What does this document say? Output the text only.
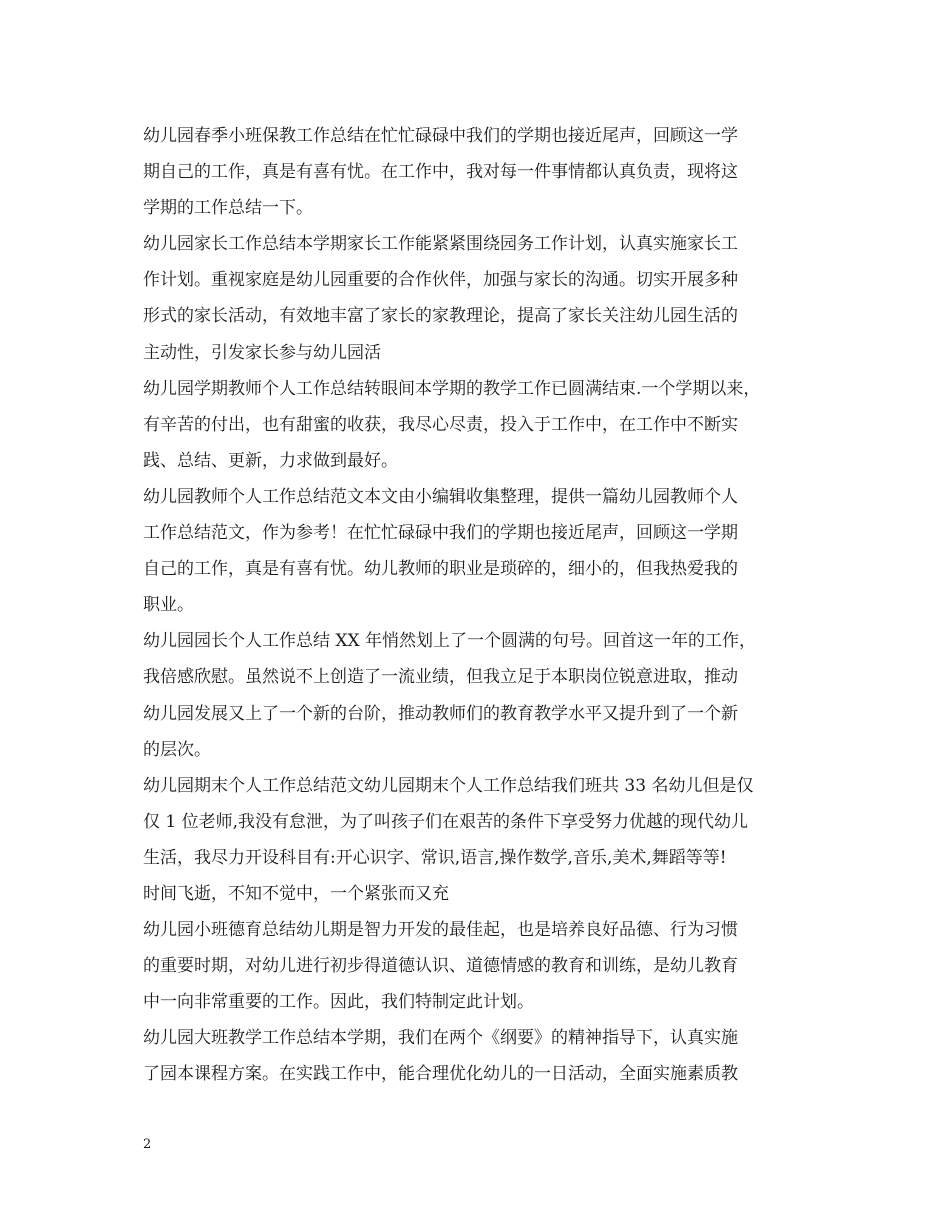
幼儿园春季小班保教工作总结在忙忙碌碌中我们的学期也接近尾声，回顾这一学
期自己的工作，真是有喜有忧。在工作中，我对每一件事情都认真负责，现将这
学期的工作总结一下。
幼儿园家长工作总结本学期家长工作能紧紧围绕园务工作计划，认真实施家长工
作计划。重视家庭是幼儿园重要的合作伙伴，加强与家长的沟通。切实开展多种
形式的家长活动，有效地丰富了家长的家教理论，提高了家长关注幼儿园生活的
主动性，引发家长参与幼儿园活
幼儿园学期教师个人工作总结转眼间本学期的教学工作已圆满结束.一个学期以来，
有辛苦的付出，也有甜蜜的收获，我尽心尽责，投入于工作中，在工作中不断实
践、总结、更新，力求做到最好。
幼儿园教师个人工作总结范文本文由小编辑收集整理，提供一篇幼儿园教师个人
工作总结范文，作为参考！在忙忙碌碌中我们的学期也接近尾声，回顾这一学期
自己的工作，真是有喜有忧。幼儿教师的职业是琐碎的，细小的，但我热爱我的
职业。
幼儿园园长个人工作总结 XX 年悄然划上了一个圆满的句号。回首这一年的工作，
我倍感欣慰。虽然说不上创造了一流业绩，但我立足于本职岗位锐意进取，推动
幼儿园发展又上了一个新的台阶，推动教师们的教育教学水平又提升到了一个新
的层次。
幼儿园期末个人工作总结范文幼儿园期末个人工作总结我们班共 33 名幼儿但是仅
仅 1 位老师,我没有怠泄，为了叫孩子们在艰苦的条件下享受努力优越的现代幼儿
生活，我尽力开设科目有:开心识字、常识,语言,操作数学,音乐,美术,舞蹈等等!
时间飞逝，不知不觉中，一个紧张而又充
幼儿园小班德育总结幼儿期是智力开发的最佳起，也是培养良好品德、行为习惯
的重要时期，对幼儿进行初步得道德认识、道德情感的教育和训练，是幼儿教育
中一向非常重要的工作。因此，我们特制定此计划。
幼儿园大班教学工作总结本学期，我们在两个《纲要》的精神指导下，认真实施
了园本课程方案。在实践工作中，能合理优化幼儿的一日活动，全面实施素质教
2
